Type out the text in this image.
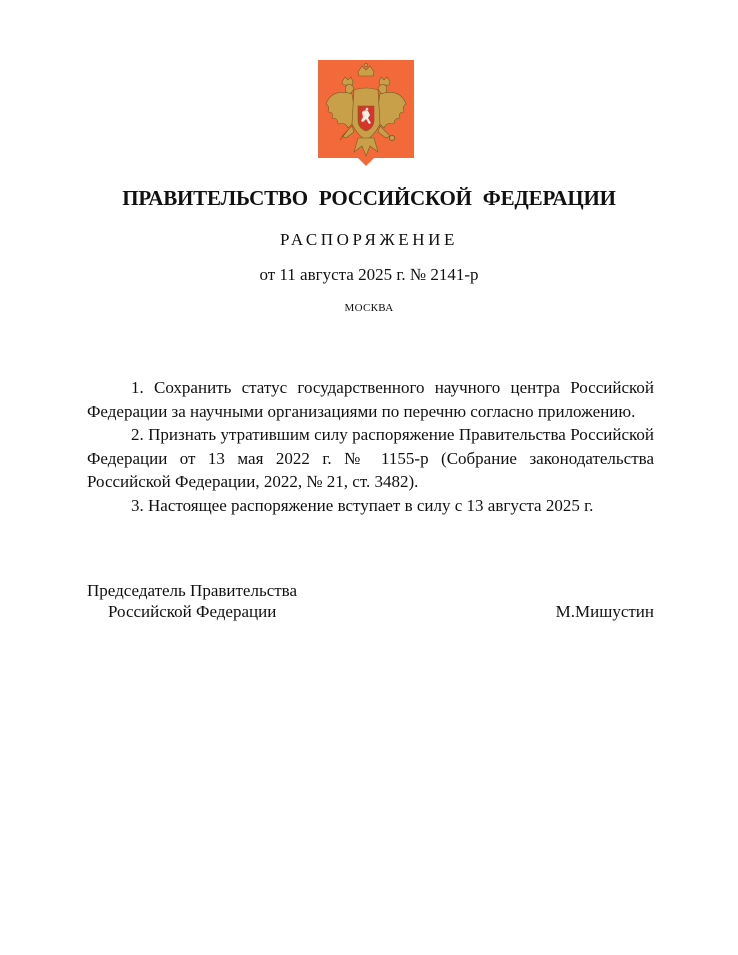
ПРАВИТЕЛЬСТВО РОССИЙСКОЙ ФЕДЕРАЦИИ
РАСПОРЯЖЕНИЕ
от 11 августа 2025 г. № 2141-р
МОСКВА

1. Сохранить статус государственного научного центра Российской Федерации за научными организациями по перечню согласно приложению.

2. Признать утратившим силу распоряжение Правительства Российской Федерации от 13 мая 2022 г. № 1155-р (Собрание законодательства Российской Федерации, 2022, № 21, ст. 3482).

3. Настоящее распоряжение вступает в силу с 13 августа 2025 г.

Председатель Правительства
Российской Федерации	М.Мишустин
